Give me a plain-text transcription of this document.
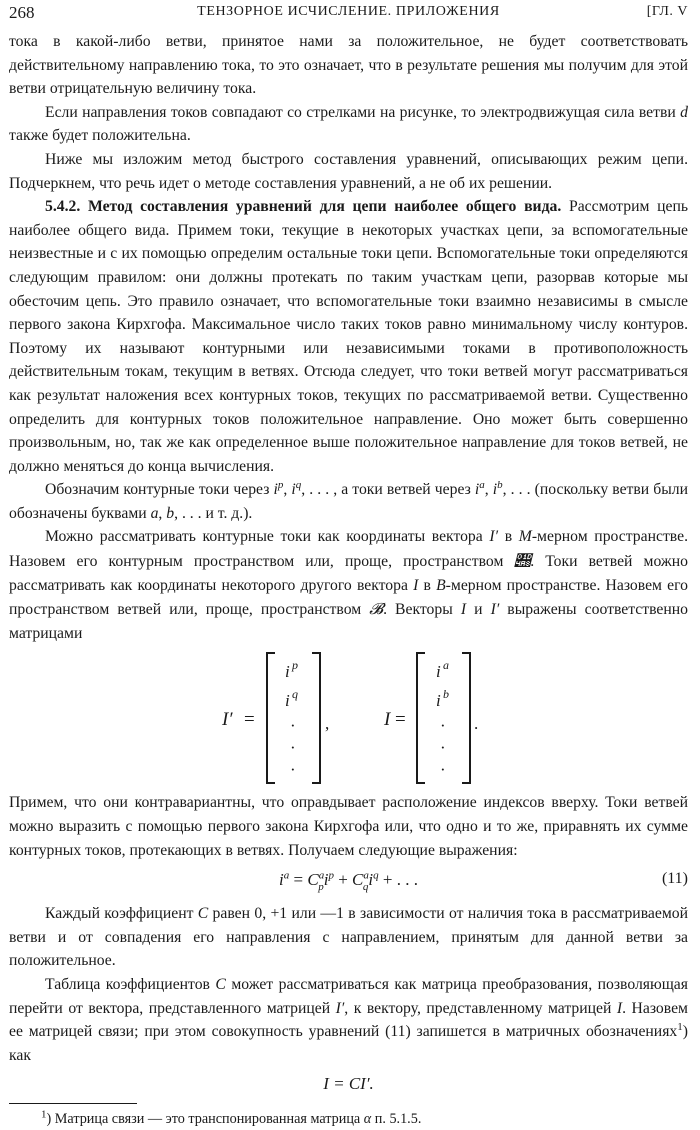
268	ТЕНЗОРНОЕ ИСЧИСЛЕНИЕ. ПРИЛОЖЕНИЯ	[ГЛ. V

тока в какой-либо ветви, принятое нами за положительное, не будет соответствовать действительному направлению тока, то это означает, что в результате решения мы получим для этой ветви отрицательную величину тока.

Если направления токов совпадают со стрелками на рисунке, то электродвижущая сила ветви d также будет положительна.

Ниже мы изложим метод быстрого составления уравнений, описывающих режим цепи. Подчеркнем, что речь идет о методе составления уравнений, а не об их решении.

5.4.2. Метод составления уравнений для цепи наиболее общего вида. Рассмотрим цепь наиболее общего вида. Примем токи, текущие в некоторых участках цепи, за вспомогательные неизвестные и с их помощью определим остальные токи цепи. Вспомогательные токи определяются следующим правилом: они должны протекать по таким участкам цепи, разорвав которые мы обесточим цепь. Это правило означает, что вспомогательные токи взаимно независимы в смысле первого закона Кирхгофа. Максимальное число таких токов равно минимальному числу контуров. Поэтому их называют контурными или независимыми токами в противоположность действительным токам, текущим в ветвях. Отсюда следует, что токи ветвей могут рассматриваться как результат наложения всех контурных токов, текущих по рассматриваемой ветви. Существенно определить для контурных токов положительное направление. Оно может быть совершенно произвольным, но, так же как определенное выше положительное направление для токов ветвей, не должно меняться до конца вычисления.

Обозначим контурные токи через $i^p$, $i^q$, . . . , а токи ветвей через $i^a$, $i^b$, . . . (поскольку ветви были обозначены буквами a, b, . . . и т. д.).

Можно рассматривать контурные токи как координаты вектора I′ в M-мерном пространстве. Назовем его контурным пространством или, проще, пространством 𝒨. Токи ветвей можно рассматривать как координаты некоторого другого вектора I в B-мерном пространстве. Назовем его пространством ветвей или, проще, пространством 𝓑. Векторы I и I′ выражены соответственно матрицами

I′ =
i p
i q
·
·
·
,	I =
i a
i b
·
·
·
.

Примем, что они контравариантны, что оправдывает расположение индексов вверху. Токи ветвей можно выразить с помощью первого закона Кирхгофа или, что одно и то же, приравнять их сумме контурных токов, протекающих в ветвях. Получаем следующие выражения:

$i^a = C^a_pi^p + C^a_qi^q$ + . . .	(11)

Каждый коэффициент C равен 0, +1 или —1 в зависимости от наличия тока в рассматриваемой ветви и от совпадения его направления с направлением, принятым для данной ветви за положительное.

Таблица коэффициентов C может рассматриваться как матрица преобразования, позволяющая перейти от вектора, представленного матрицей I′, к вектору, представленному матрицей I. Назовем ее матрицей связи; при этом совокупность уравнений (11) запишется в матричных обозначениях$^1$) как

I = CI′.

$^1$) Матрица связи — это транспонированная матрица α п. 5.1.5.
